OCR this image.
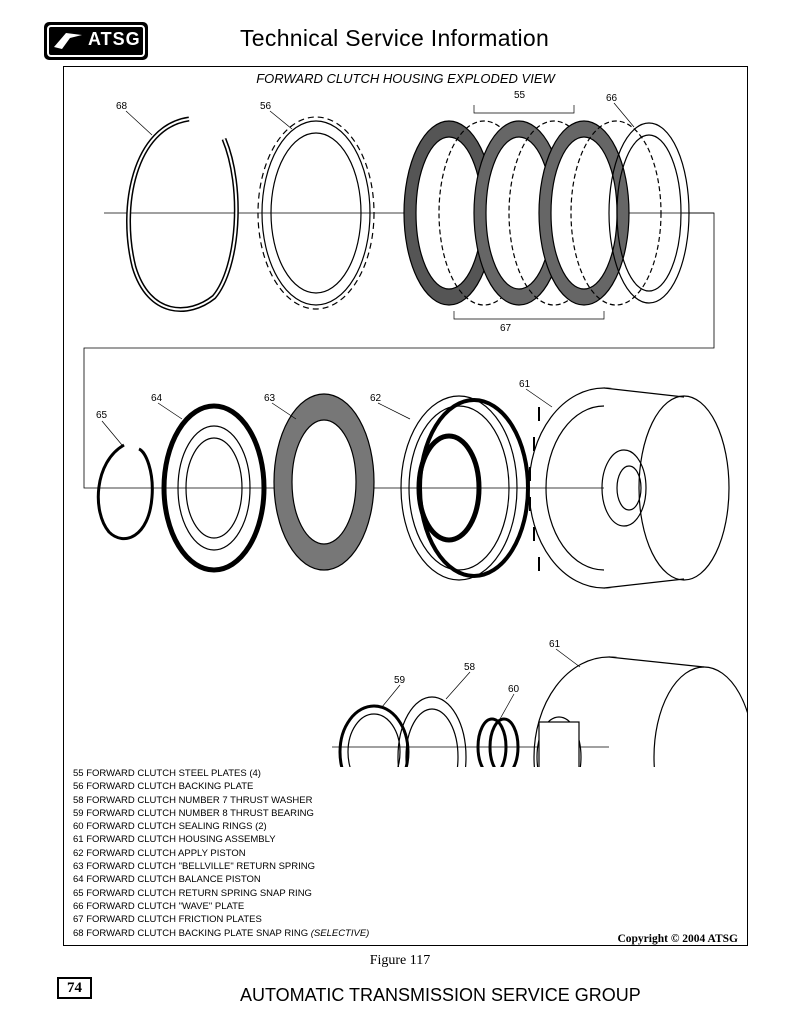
ATSG	Technical Service Information
FORWARD CLUTCH HOUSING EXPLODED VIEW
55 FORWARD CLUTCH STEEL PLATES (4)
56 FORWARD CLUTCH BACKING PLATE
58 FORWARD CLUTCH NUMBER 7 THRUST WASHER
59 FORWARD CLUTCH NUMBER 8 THRUST BEARING
60 FORWARD CLUTCH SEALING RINGS (2)
61 FORWARD CLUTCH HOUSING ASSEMBLY
62 FORWARD CLUTCH APPLY PISTON
63 FORWARD CLUTCH "BELLVILLE" RETURN SPRING
64 FORWARD CLUTCH BALANCE PISTON
65 FORWARD CLUTCH RETURN SPRING SNAP RING
66 FORWARD CLUTCH "WAVE" PLATE
67 FORWARD CLUTCH FRICTION PLATES
68 FORWARD CLUTCH BACKING PLATE SNAP RING (SELECTIVE)	Copyright © 2004 ATSG
68	56
55	66
67
65
64	63	62
61
61
59
58
60
Figure 117
74	AUTOMATIC TRANSMISSION SERVICE GROUP
